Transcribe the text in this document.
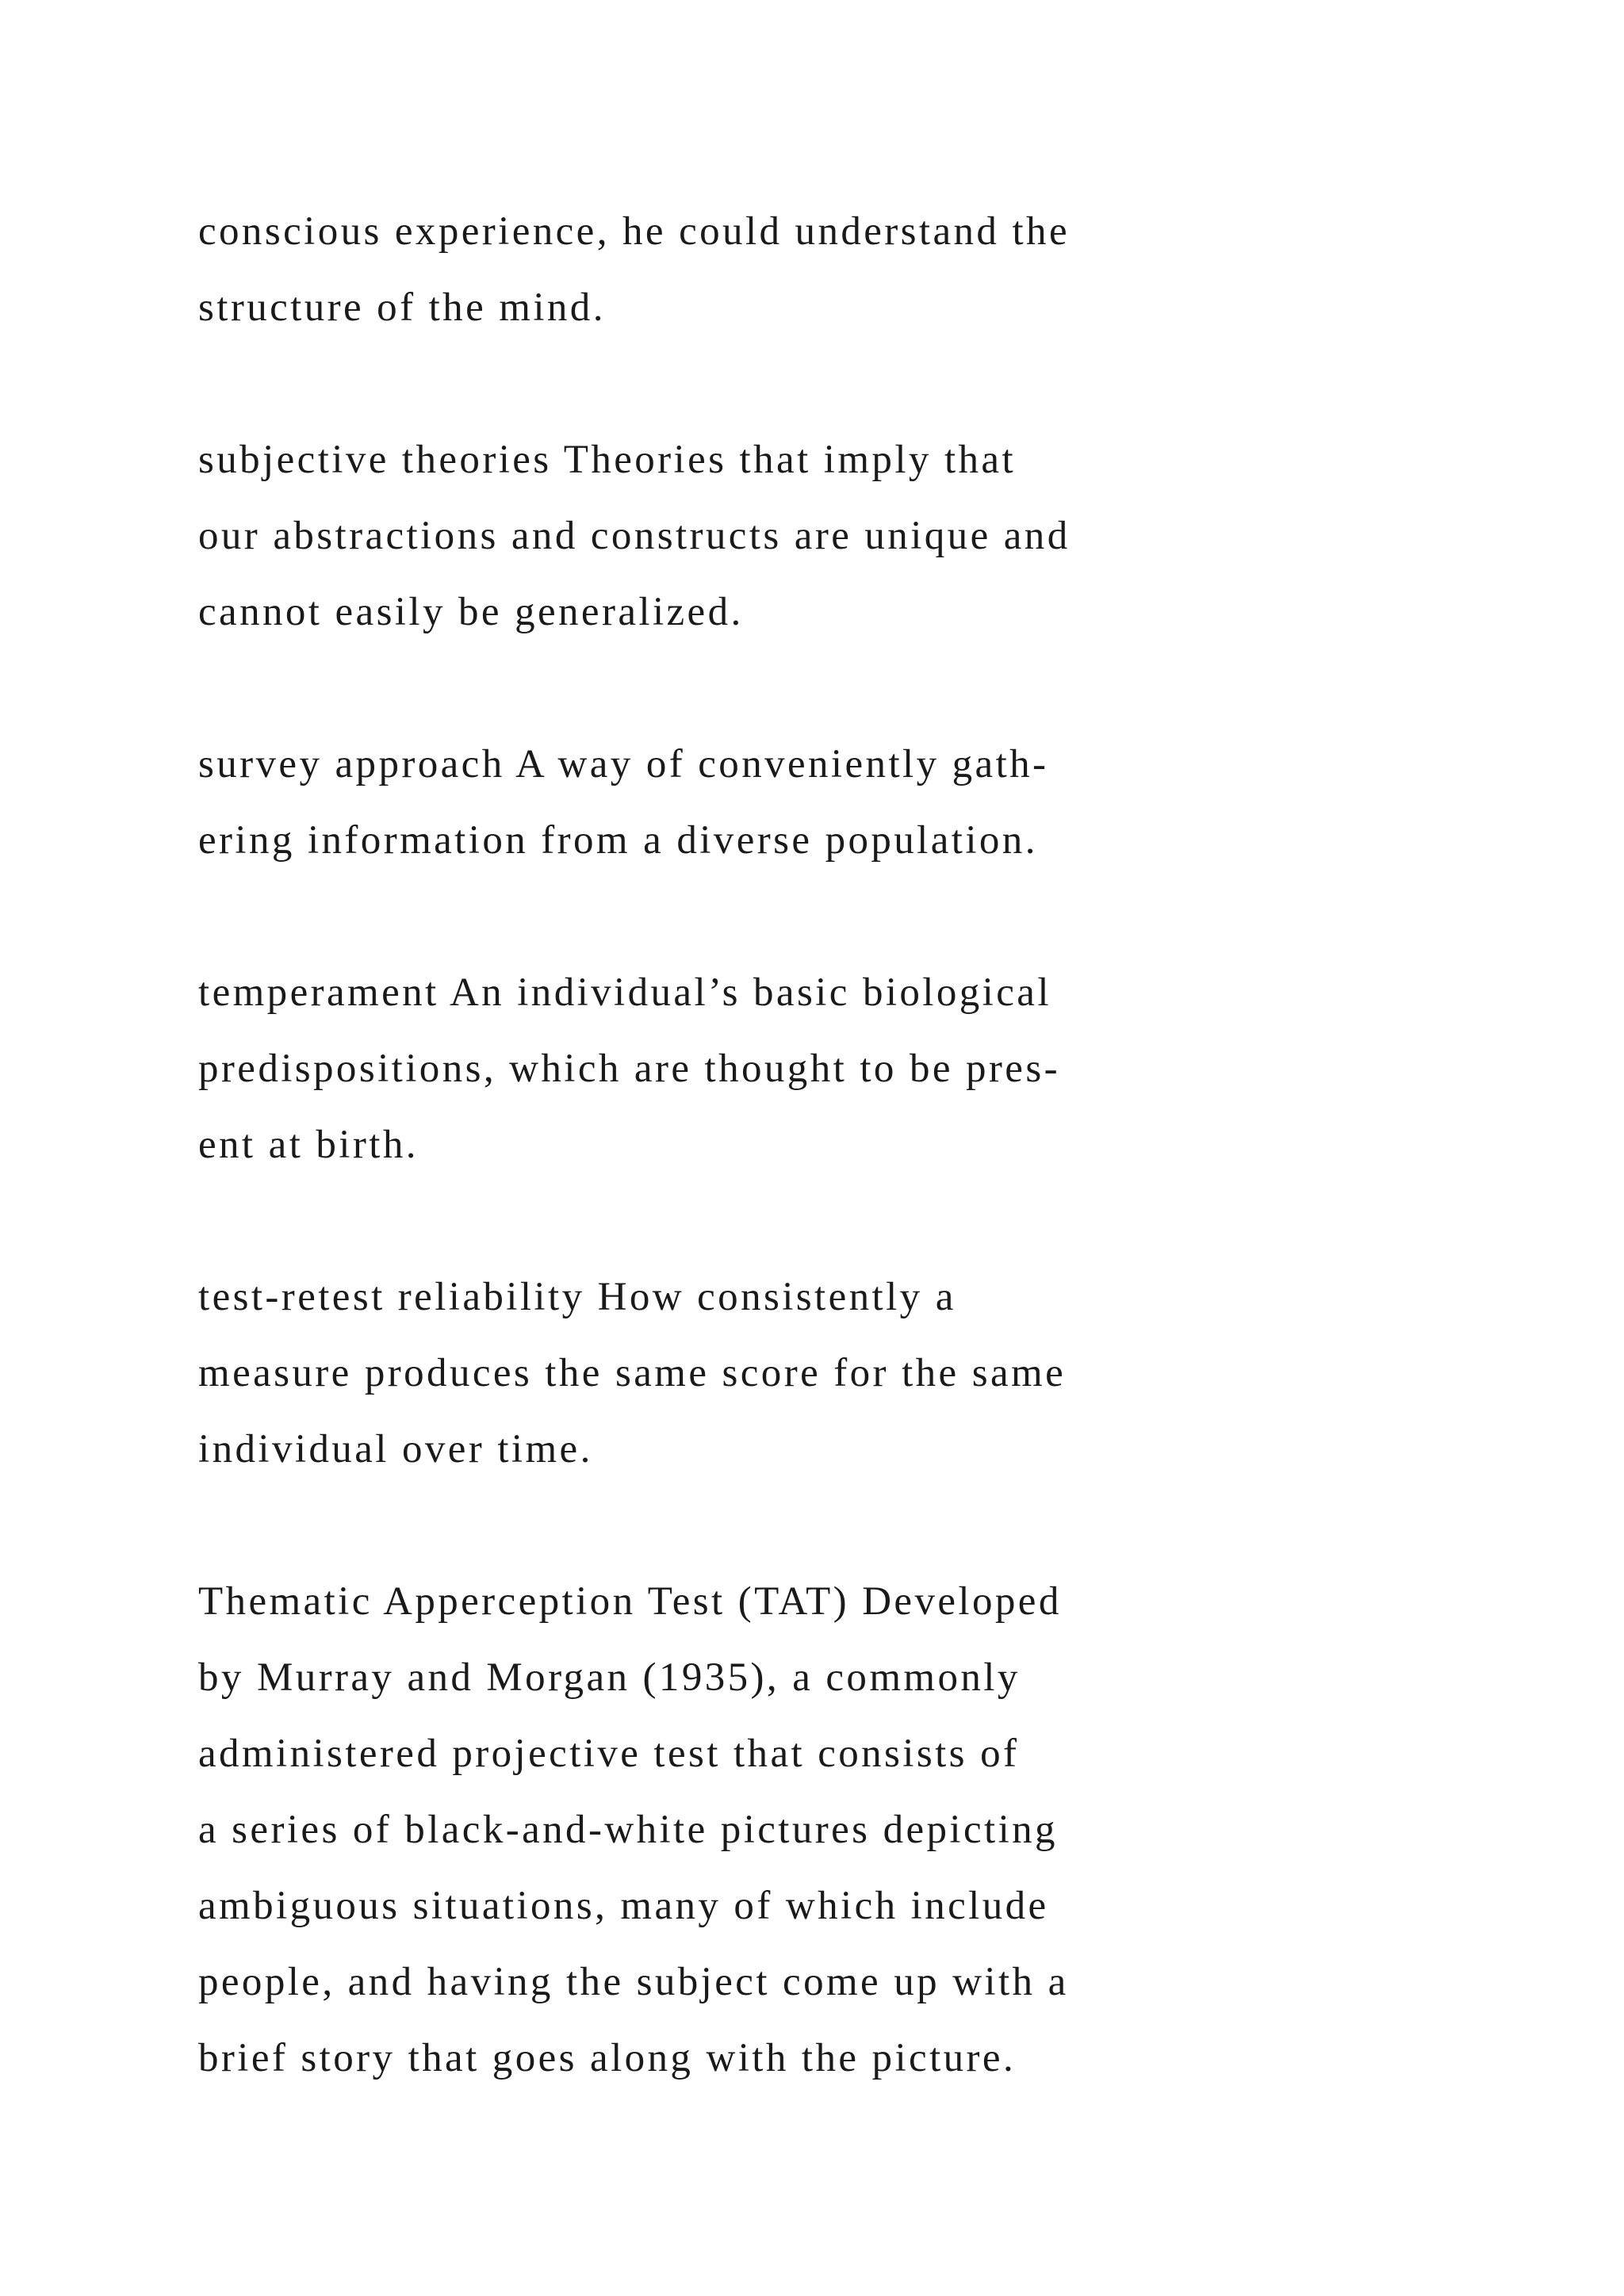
conscious experience, he could understand the
structure of the mind.

subjective theories Theories that imply that
our abstractions and constructs are unique and
cannot easily be generalized.

survey approach A way of conveniently gath-
ering information from a diverse population.

temperament An individual’s basic biological
predispositions, which are thought to be pres-
ent at birth.

test-retest reliability How consistently a
measure produces the same score for the same
individual over time.

Thematic Apperception Test (TAT) Developed
by Murray and Morgan (1935), a commonly
administered projective test that consists of
a series of black-and-white pictures depicting
ambiguous situations, many of which include
people, and having the subject come up with a
brief story that goes along with the picture.
